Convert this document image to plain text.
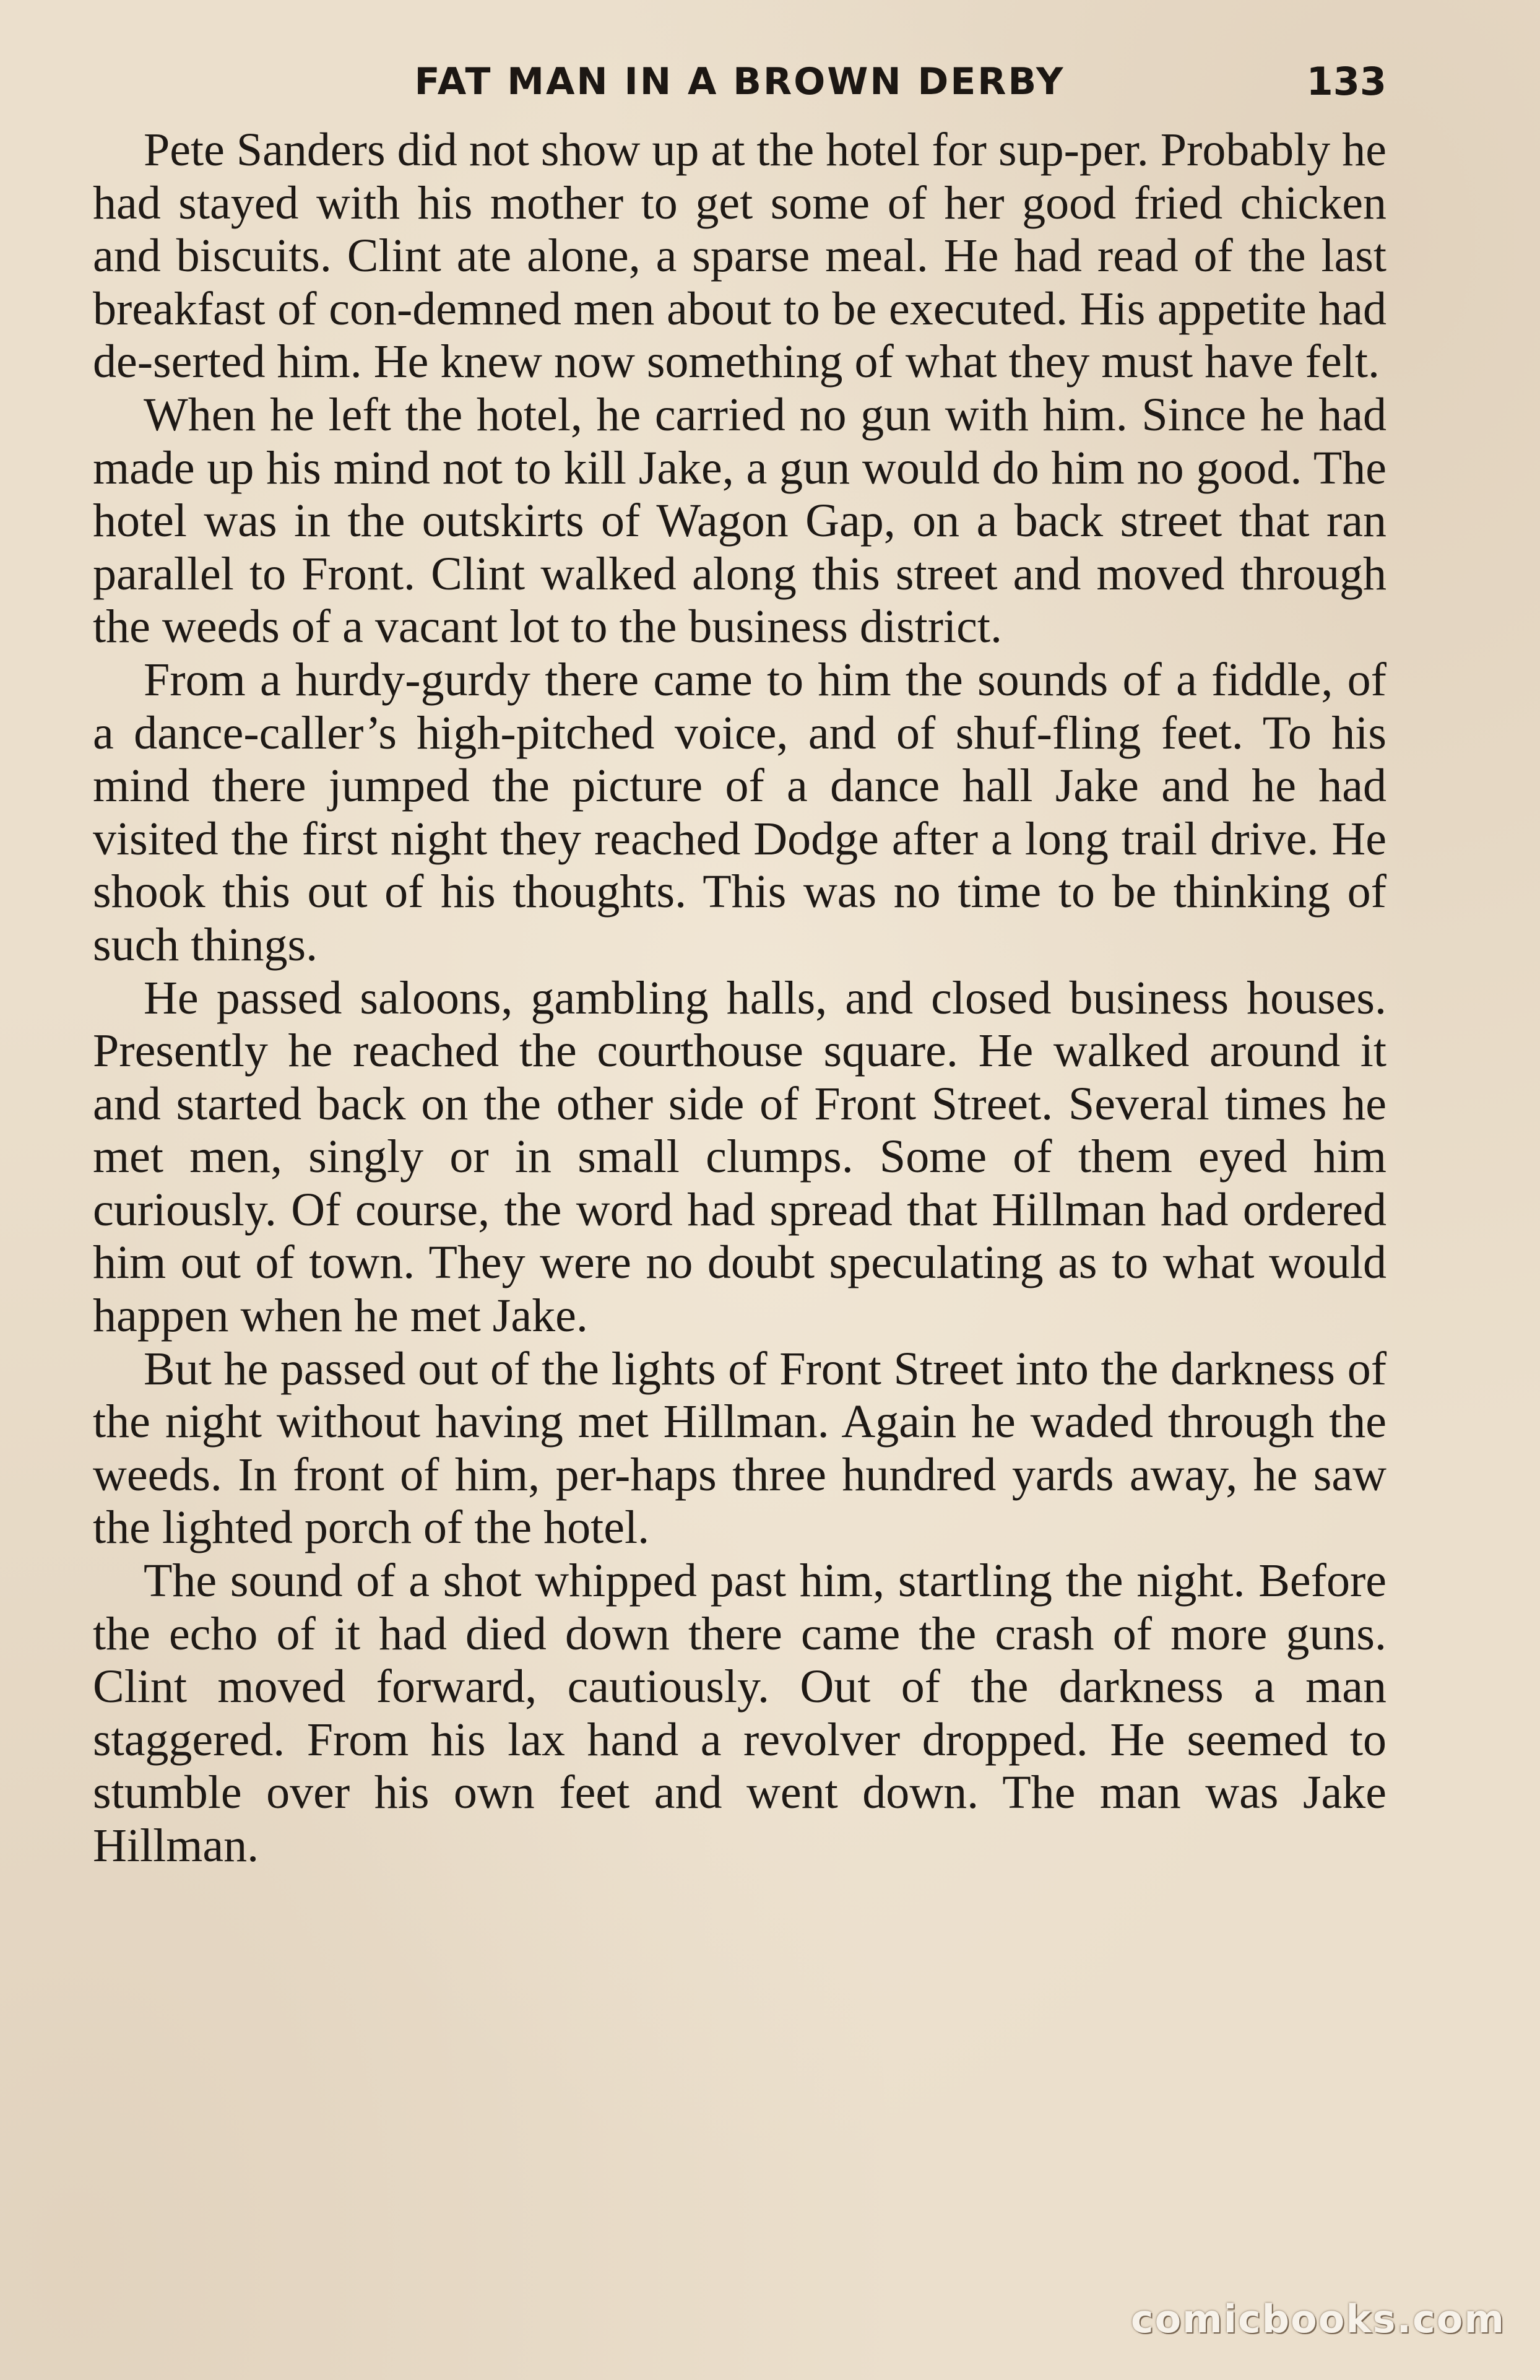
FAT MAN IN A BROWN DERBY	133

Pete Sanders did not show up at the hotel for sup-per. Probably he had stayed with his mother to get some of her good fried chicken and biscuits. Clint ate alone, a sparse meal. He had read of the last breakfast of con-demned men about to be executed. His appetite had de-serted him. He knew now something of what they must have felt.

When he left the hotel, he carried no gun with him. Since he had made up his mind not to kill Jake, a gun would do him no good. The hotel was in the outskirts of Wagon Gap, on a back street that ran parallel to Front. Clint walked along this street and moved through the weeds of a vacant lot to the business district.

From a hurdy-gurdy there came to him the sounds of a fiddle, of a dance-caller’s high-pitched voice, and of shuf-fling feet. To his mind there jumped the picture of a dance hall Jake and he had visited the first night they reached Dodge after a long trail drive. He shook this out of his thoughts. This was no time to be thinking of such things.

He passed saloons, gambling halls, and closed business houses. Presently he reached the courthouse square. He walked around it and started back on the other side of Front Street. Several times he met men, singly or in small clumps. Some of them eyed him curiously. Of course, the word had spread that Hillman had ordered him out of town. They were no doubt speculating as to what would happen when he met Jake.

But he passed out of the lights of Front Street into the darkness of the night without having met Hillman. Again he waded through the weeds. In front of him, per-haps three hundred yards away, he saw the lighted porch of the hotel.

The sound of a shot whipped past him, startling the night. Before the echo of it had died down there came the crash of more guns. Clint moved forward, cautiously. Out of the darkness a man staggered. From his lax hand a revolver dropped. He seemed to stumble over his own feet and went down. The man was Jake Hillman.

comicbooks.com
